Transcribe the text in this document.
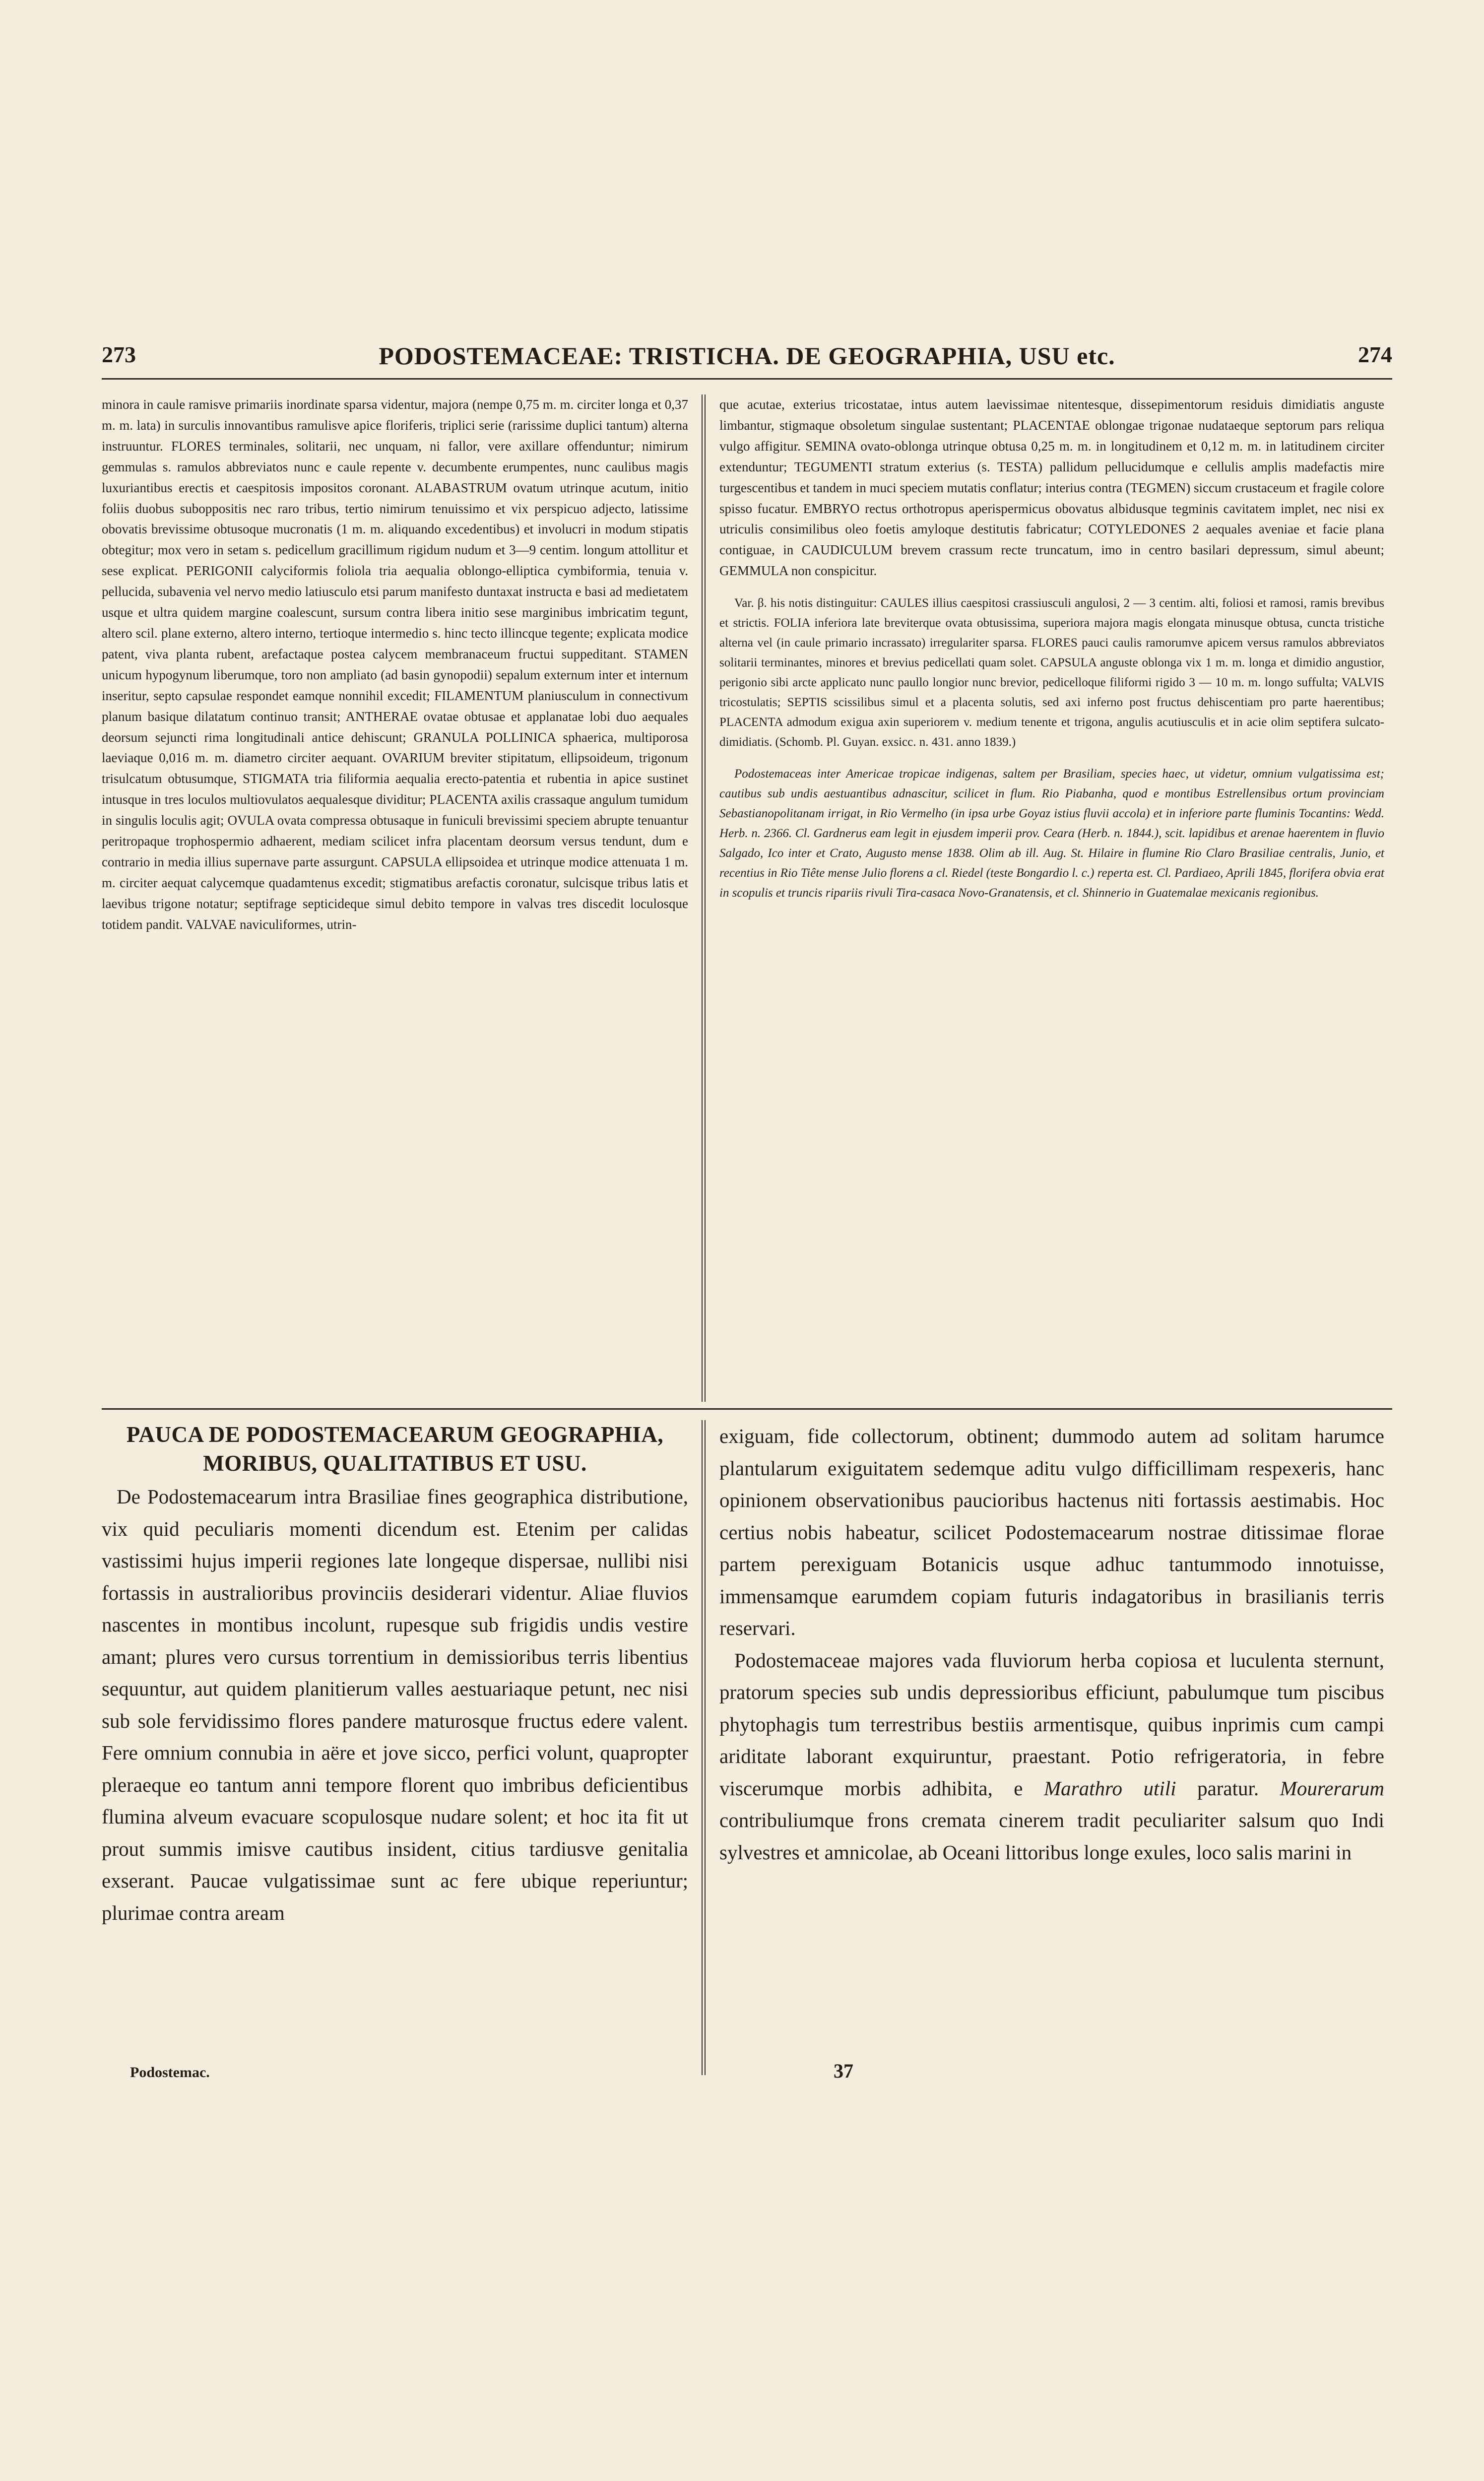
273	PODOSTEMACEAE: TRISTICHA. DE GEOGRAPHIA, USU etc.	274

minora in caule ramisve primariis inordinate sparsa videntur, majora (nempe 0,75 m. m. circiter longa et 0,37 m. m. lata) in surculis innovantibus ramulisve apice floriferis, triplici serie (rarissime duplici tantum) alterna instruuntur. FLORES terminales, solitarii, nec unquam, ni fallor, vere axillare offenduntur; nimirum gemmulas s. ramulos abbreviatos nunc e caule repente v. decumbente erumpentes, nunc caulibus magis luxuriantibus erectis et caespitosis impositos coronant. ALABASTRUM ovatum utrinque acutum, initio foliis duobus suboppositis nec raro tribus, tertio nimirum tenuissimo et vix perspicuo adjecto, latissime obovatis brevissime obtusoque mucronatis (1 m. m. aliquando excedentibus) et involucri in modum stipatis obtegitur; mox vero in setam s. pedicellum gracillimum rigidum nudum et 3—9 centim. longum attollitur et sese explicat. PERIGONII calyciformis foliola tria aequalia oblongo-elliptica cymbiformia, tenuia v. pellucida, subavenia vel nervo medio latiusculo etsi parum manifesto duntaxat instructa e basi ad medietatem usque et ultra quidem margine coalescunt, sursum contra libera initio sese marginibus imbricatim tegunt, altero scil. plane externo, altero interno, tertioque intermedio s. hinc tecto illincque tegente; explicata modice patent, viva planta rubent, arefactaque postea calycem membranaceum fructui suppeditant. STAMEN unicum hypogynum liberumque, toro non ampliato (ad basin gynopodii) sepalum externum inter et internum inseritur, septo capsulae respondet eamque nonnihil excedit; FILAMENTUM planiusculum in connectivum planum basique dilatatum continuo transit; ANTHERAE ovatae obtusae et applanatae lobi duo aequales deorsum sejuncti rima longitudinali antice dehiscunt; GRANULA POLLINICA sphaerica, multiporosa laeviaque 0,016 m. m. diametro circiter aequant. OVARIUM breviter stipitatum, ellipsoideum, trigonum trisulcatum obtusumque, STIGMATA tria filiformia aequalia erecto-patentia et rubentia in apice sustinet intusque in tres loculos multiovulatos aequalesque dividitur; PLACENTA axilis crassaque angulum tumidum in singulis loculis agit; OVULA ovata compressa obtusaque in funiculi brevissimi speciem abrupte tenuantur peritropaque trophospermio adhaerent, mediam scilicet infra placentam deorsum versus tendunt, dum e contrario in media illius supernave parte assurgunt. CAPSULA ellipsoidea et utrinque modice attenuata 1 m. m. circiter aequat calycemque quadamtenus excedit; stigmatibus arefactis coronatur, sulcisque tribus latis et laevibus trigone notatur; septifrage septicideque simul debito tempore in valvas tres discedit loculosque totidem pandit. VALVAE naviculiformes, utrin-

que acutae, exterius tricostatae, intus autem laevissimae nitentesque, dissepimentorum residuis dimidiatis anguste limbantur, stigmaque obsoletum singulae sustentant; PLACENTAE oblongae trigonae nudataeque septorum pars reliqua vulgo affigitur. SEMINA ovato-oblonga utrinque obtusa 0,25 m. m. in longitudinem et 0,12 m. m. in latitudinem circiter extenduntur; TEGUMENTI stratum exterius (s. TESTA) pallidum pellucidumque e cellulis amplis madefactis mire turgescentibus et tandem in muci speciem mutatis conflatur; interius contra (TEGMEN) siccum crustaceum et fragile colore spisso fucatur. EMBRYO rectus orthotropus aperispermicus obovatus albidusque tegminis cavitatem implet, nec nisi ex utriculis consimilibus oleo foetis amyloque destitutis fabricatur; COTYLEDONES 2 aequales aveniae et facie plana contiguae, in CAUDICULUM brevem crassum recte truncatum, imo in centro basilari depressum, simul abeunt; GEMMULA non conspicitur.

Var. β. his notis distinguitur: CAULES illius caespitosi crassiusculi angulosi, 2 — 3 centim. alti, foliosi et ramosi, ramis brevibus et strictis. FOLIA inferiora late breviterque ovata obtusissima, superiora majora magis elongata minusque obtusa, cuncta tristiche alterna vel (in caule primario incrassato) irregulariter sparsa. FLORES pauci caulis ramorumve apicem versus ramulos abbreviatos solitarii terminantes, minores et brevius pedicellati quam solet. CAPSULA anguste oblonga vix 1 m. m. longa et dimidio angustior, perigonio sibi arcte applicato nunc paullo longior nunc brevior, pedicelloque filiformi rigido 3 — 10 m. m. longo suffulta; VALVIS tricostulatis; SEPTIS scissilibus simul et a placenta solutis, sed axi inferno post fructus dehiscentiam pro parte haerentibus; PLACENTA admodum exigua axin superiorem v. medium tenente et trigona, angulis acutiusculis et in acie olim septifera sulcato-dimidiatis. (Schomb. Pl. Guyan. exsicc. n. 431. anno 1839.)

Podostemaceas inter Americae tropicae indigenas, saltem per Brasiliam, species haec, ut videtur, omnium vulgatissima est; cautibus sub undis aestuantibus adnascitur, scilicet in flum. Rio Piabanha, quod e montibus Estrellensibus ortum provinciam Sebastianopolitanam irrigat, in Rio Vermelho (in ipsa urbe Goyaz istius fluvii accola) et in inferiore parte fluminis Tocantins: Wedd. Herb. n. 2366. Cl. Gardnerus eam legit in ejusdem imperii prov. Ceara (Herb. n. 1844.), scit. lapidibus et arenae haerentem in fluvio Salgado, Ico inter et Crato, Augusto mense 1838. Olim ab ill. Aug. St. Hilaire in flumine Rio Claro Brasiliae centralis, Junio, et recentius in Rio Tiête mense Julio florens a cl. Riedel (teste Bongardio l. c.) reperta est. Cl. Pardiaeo, Aprili 1845, florifera obvia erat in scopulis et truncis ripariis rivuli Tira-casaca Novo-Granatensis, et cl. Shinnerio in Guatemalae mexicanis regionibus.

PAUCA DE PODOSTEMACEARUM GEOGRAPHIA, MORIBUS, QUALITATIBUS ET USU.

De Podostemacearum intra Brasiliae fines geographica distributione, vix quid peculiaris momenti dicendum est. Etenim per calidas vastissimi hujus imperii regiones late longeque dispersae, nullibi nisi fortassis in australioribus provinciis desiderari videntur. Aliae fluvios nascentes in montibus incolunt, rupesque sub frigidis undis vestire amant; plures vero cursus torrentium in demissioribus terris libentius sequuntur, aut quidem planitierum valles aestuariaque petunt, nec nisi sub sole fervidissimo flores pandere maturosque fructus edere valent. Fere omnium connubia in aëre et jove sicco, perfici volunt, quapropter pleraeque eo tantum anni tempore florent quo imbribus deficientibus flumina alveum evacuare scopulosque nudare solent; et hoc ita fit ut prout summis imisve cautibus insident, citius tardiusve genitalia exserant. Paucae vulgatissimae sunt ac fere ubique reperiuntur; plurimae contra aream

exiguam, fide collectorum, obtinent; dummodo autem ad solitam harumce plantularum exiguitatem sedemque aditu vulgo difficillimam respexeris, hanc opinionem observationibus paucioribus hactenus niti fortassis aestimabis. Hoc certius nobis habeatur, scilicet Podostemacearum nostrae ditissimae florae partem perexiguam Botanicis usque adhuc tantummodo innotuisse, immensamque earumdem copiam futuris indagatoribus in brasilianis terris reservari.

Podostemaceae majores vada fluviorum herba copiosa et luculenta sternunt, pratorum species sub undis depressioribus efficiunt, pabulumque tum piscibus phytophagis tum terrestribus bestiis armentisque, quibus inprimis cum campi ariditate laborant exquiruntur, praestant. Potio refrigeratoria, in febre viscerumque morbis adhibita, e Marathro utili paratur. Mourerarum contribuliumque frons cremata cinerem tradit peculiariter salsum quo Indi sylvestres et amnicolae, ab Oceani littoribus longe exules, loco salis marini in

Podostemac.	37
